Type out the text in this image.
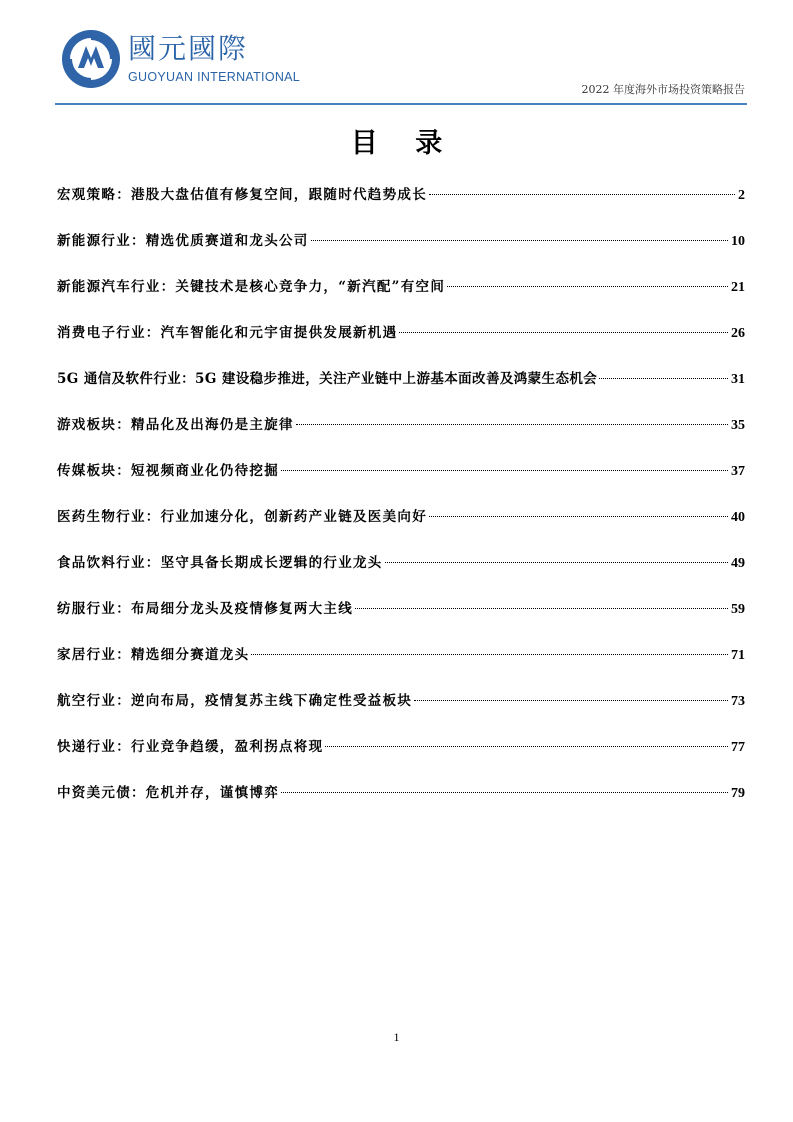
國元國際
GUOYUAN INTERNATIONAL
2022 年度海外市场投资策略报告
目 录
宏观策略：港股大盘估值有修复空间，跟随时代趋势成长	2
新能源行业：精选优质赛道和龙头公司	10
新能源汽车行业：关键技术是核心竞争力，“新汽配”有空间	21
消费电子行业：汽车智能化和元宇宙提供发展新机遇	26
5G 通信及软件行业：5G 建设稳步推进，关注产业链中上游基本面改善及鸿蒙生态机会	31
游戏板块：精品化及出海仍是主旋律	35
传媒板块：短视频商业化仍待挖掘	37
医药生物行业：行业加速分化，创新药产业链及医美向好	40
食品饮料行业：坚守具备长期成长逻辑的行业龙头	49
纺服行业：布局细分龙头及疫情修复两大主线	59
家居行业：精选细分赛道龙头	71
航空行业：逆向布局，疫情复苏主线下确定性受益板块	73
快递行业：行业竞争趋缓，盈利拐点将现	77
中资美元债：危机并存，谨慎博弈	79
1
